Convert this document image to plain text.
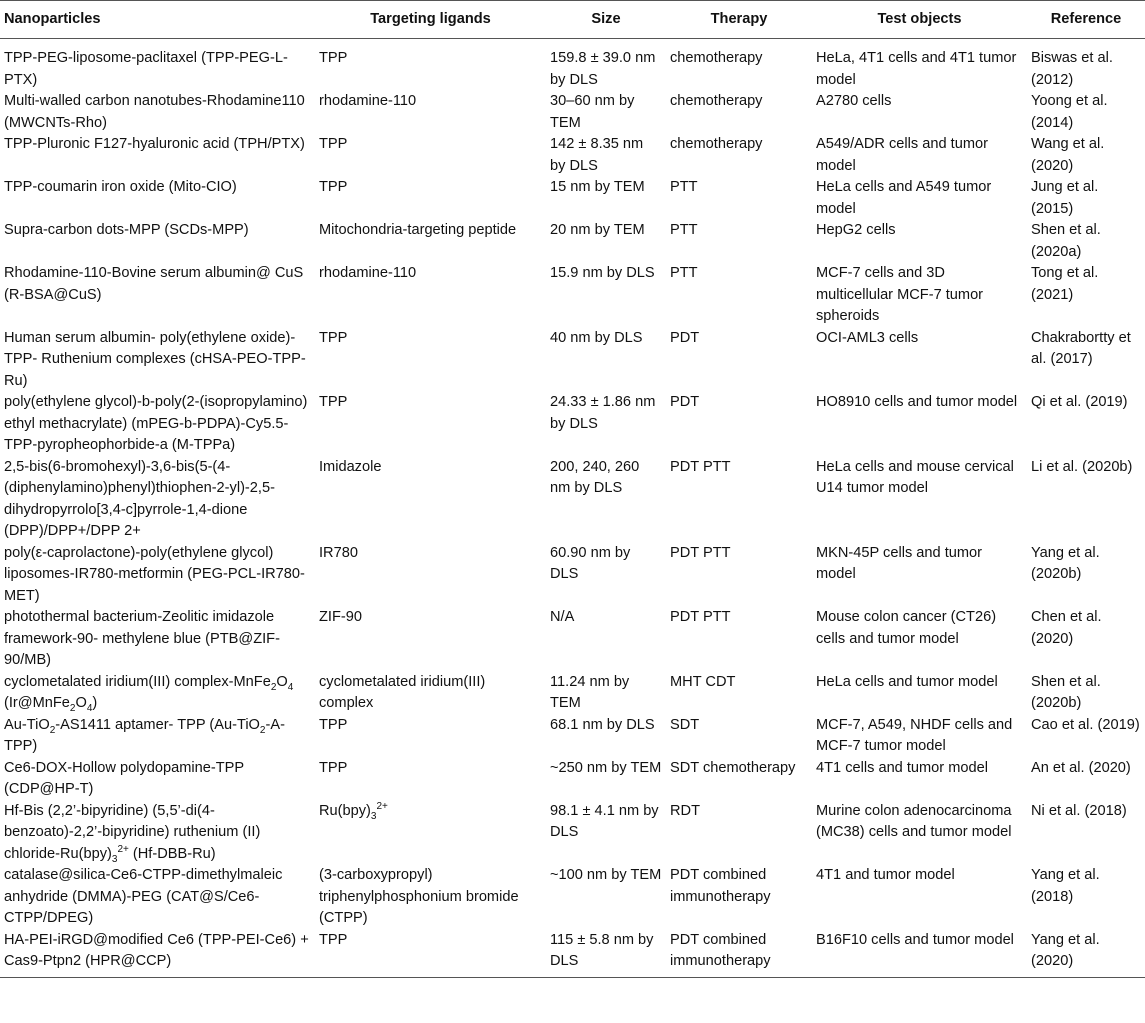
Nanoparticles	Targeting ligands	Size	Therapy	Test objects	Reference
TPP-PEG-liposome-paclitaxel (TPP-PEG-L-PTX)	TPP	159.8 ± 39.0 nm by DLS	chemotherapy	HeLa, 4T1 cells and 4T1 tumor model	Biswas et al. (2012)
Multi-walled carbon nanotubes-Rhodamine110 (MWCNTs-Rho)	rhodamine-110	30–60 nm by TEM	chemotherapy	A2780 cells	Yoong et al. (2014)
TPP-Pluronic F127-hyaluronic acid (TPH/PTX)	TPP	142 ± 8.35 nm by DLS	chemotherapy	A549/ADR cells and tumor model	Wang et al. (2020)
TPP-coumarin iron oxide (Mito-CIO)	TPP	15 nm by TEM	PTT	HeLa cells and A549 tumor model	Jung et al. (2015)
Supra-carbon dots-MPP (SCDs-MPP)	Mitochondria-targeting peptide	20 nm by TEM	PTT	HepG2 cells	Shen et al. (2020a)
Rhodamine-110-Bovine serum albumin@ CuS (R-BSA@CuS)	rhodamine-110	15.9 nm by DLS	PTT	MCF-7 cells and 3D multicellular MCF-7 tumor spheroids	Tong et al. (2021)
Human serum albumin- poly(ethylene oxide)-TPP- Ruthenium complexes (cHSA-PEO-TPP-Ru)	TPP	40 nm by DLS	PDT	OCI-AML3 cells	Chakrabortty et al. (2017)
poly(ethylene glycol)-b-poly(2-(isopropylamino) ethyl methacrylate) (mPEG-b-PDPA)-Cy5.5-TPP-pyropheophorbide-a (M-TPPa)	TPP	24.33 ± 1.86 nm by DLS	PDT	HO8910 cells and tumor model	Qi et al. (2019)
2,5-bis(6-bromohexyl)-3,6-bis(5-(4-(diphenylamino)phenyl)thiophen-2-yl)-2,5-dihydropyrrolo[3,4-c]pyrrole-1,4-dione (DPP)/DPP+/DPP 2+	Imidazole	200, 240, 260 nm by DLS	PDT PTT	HeLa cells and mouse cervical U14 tumor model	Li et al. (2020b)
poly(ε-caprolactone)-poly(ethylene glycol) liposomes-IR780-metformin (PEG-PCL-IR780-MET)	IR780	60.90 nm by DLS	PDT PTT	MKN-45P cells and tumor model	Yang et al. (2020b)
photothermal bacterium-Zeolitic imidazole framework-90- methylene blue (PTB@ZIF-90/MB)	ZIF-90	N/A	PDT PTT	Mouse colon cancer (CT26) cells and tumor model	Chen et al. (2020)
cyclometalated iridium(III) complex-$MnFe_2O_4$ $(Ir@MnFe_2O_4)$	cyclometalated iridium(III) complex	11.24 nm by TEM	MHT CDT	HeLa cells and tumor model	Shen et al. (2020b)
Au-TiO$_2$-AS1411 aptamer- TPP (Au-TiO$_2$-A-TPP)	TPP	68.1 nm by DLS	SDT	MCF-7, A549, NHDF cells and MCF-7 tumor model	Cao et al. (2019)
Ce6-DOX-Hollow polydopamine-TPP (CDP@HP-T)	TPP	~250 nm by TEM	SDT chemotherapy	4T1 cells and tumor model	An et al. (2020)
Hf-Bis (2,2’-bipyridine) (5,5’-di(4-benzoato)-2,2’-bipyridine) ruthenium (II) chloride-$Ru(bpy)_3^{2+}$ (Hf-DBB-Ru)	$Ru(bpy)_3^{2+}$	98.1 ± 4.1 nm by DLS	RDT	Murine colon adenocarcinoma (MC38) cells and tumor model	Ni et al. (2018)
catalase@silica-Ce6-CTPP-dimethylmaleic anhydride (DMMA)-PEG (CAT@S/Ce6-CTPP/DPEG)	(3-carboxypropyl) triphenylphosphonium bromide (CTPP)	~100 nm by TEM	PDT combined immunotherapy	4T1 and tumor model	Yang et al. (2018)
HA-PEI-iRGD@modified Ce6 (TPP-PEI-Ce6) + Cas9-Ptpn2 (HPR@CCP)	TPP	115 ± 5.8 nm by DLS	PDT combined immunotherapy	B16F10 cells and tumor model	Yang et al. (2020)
